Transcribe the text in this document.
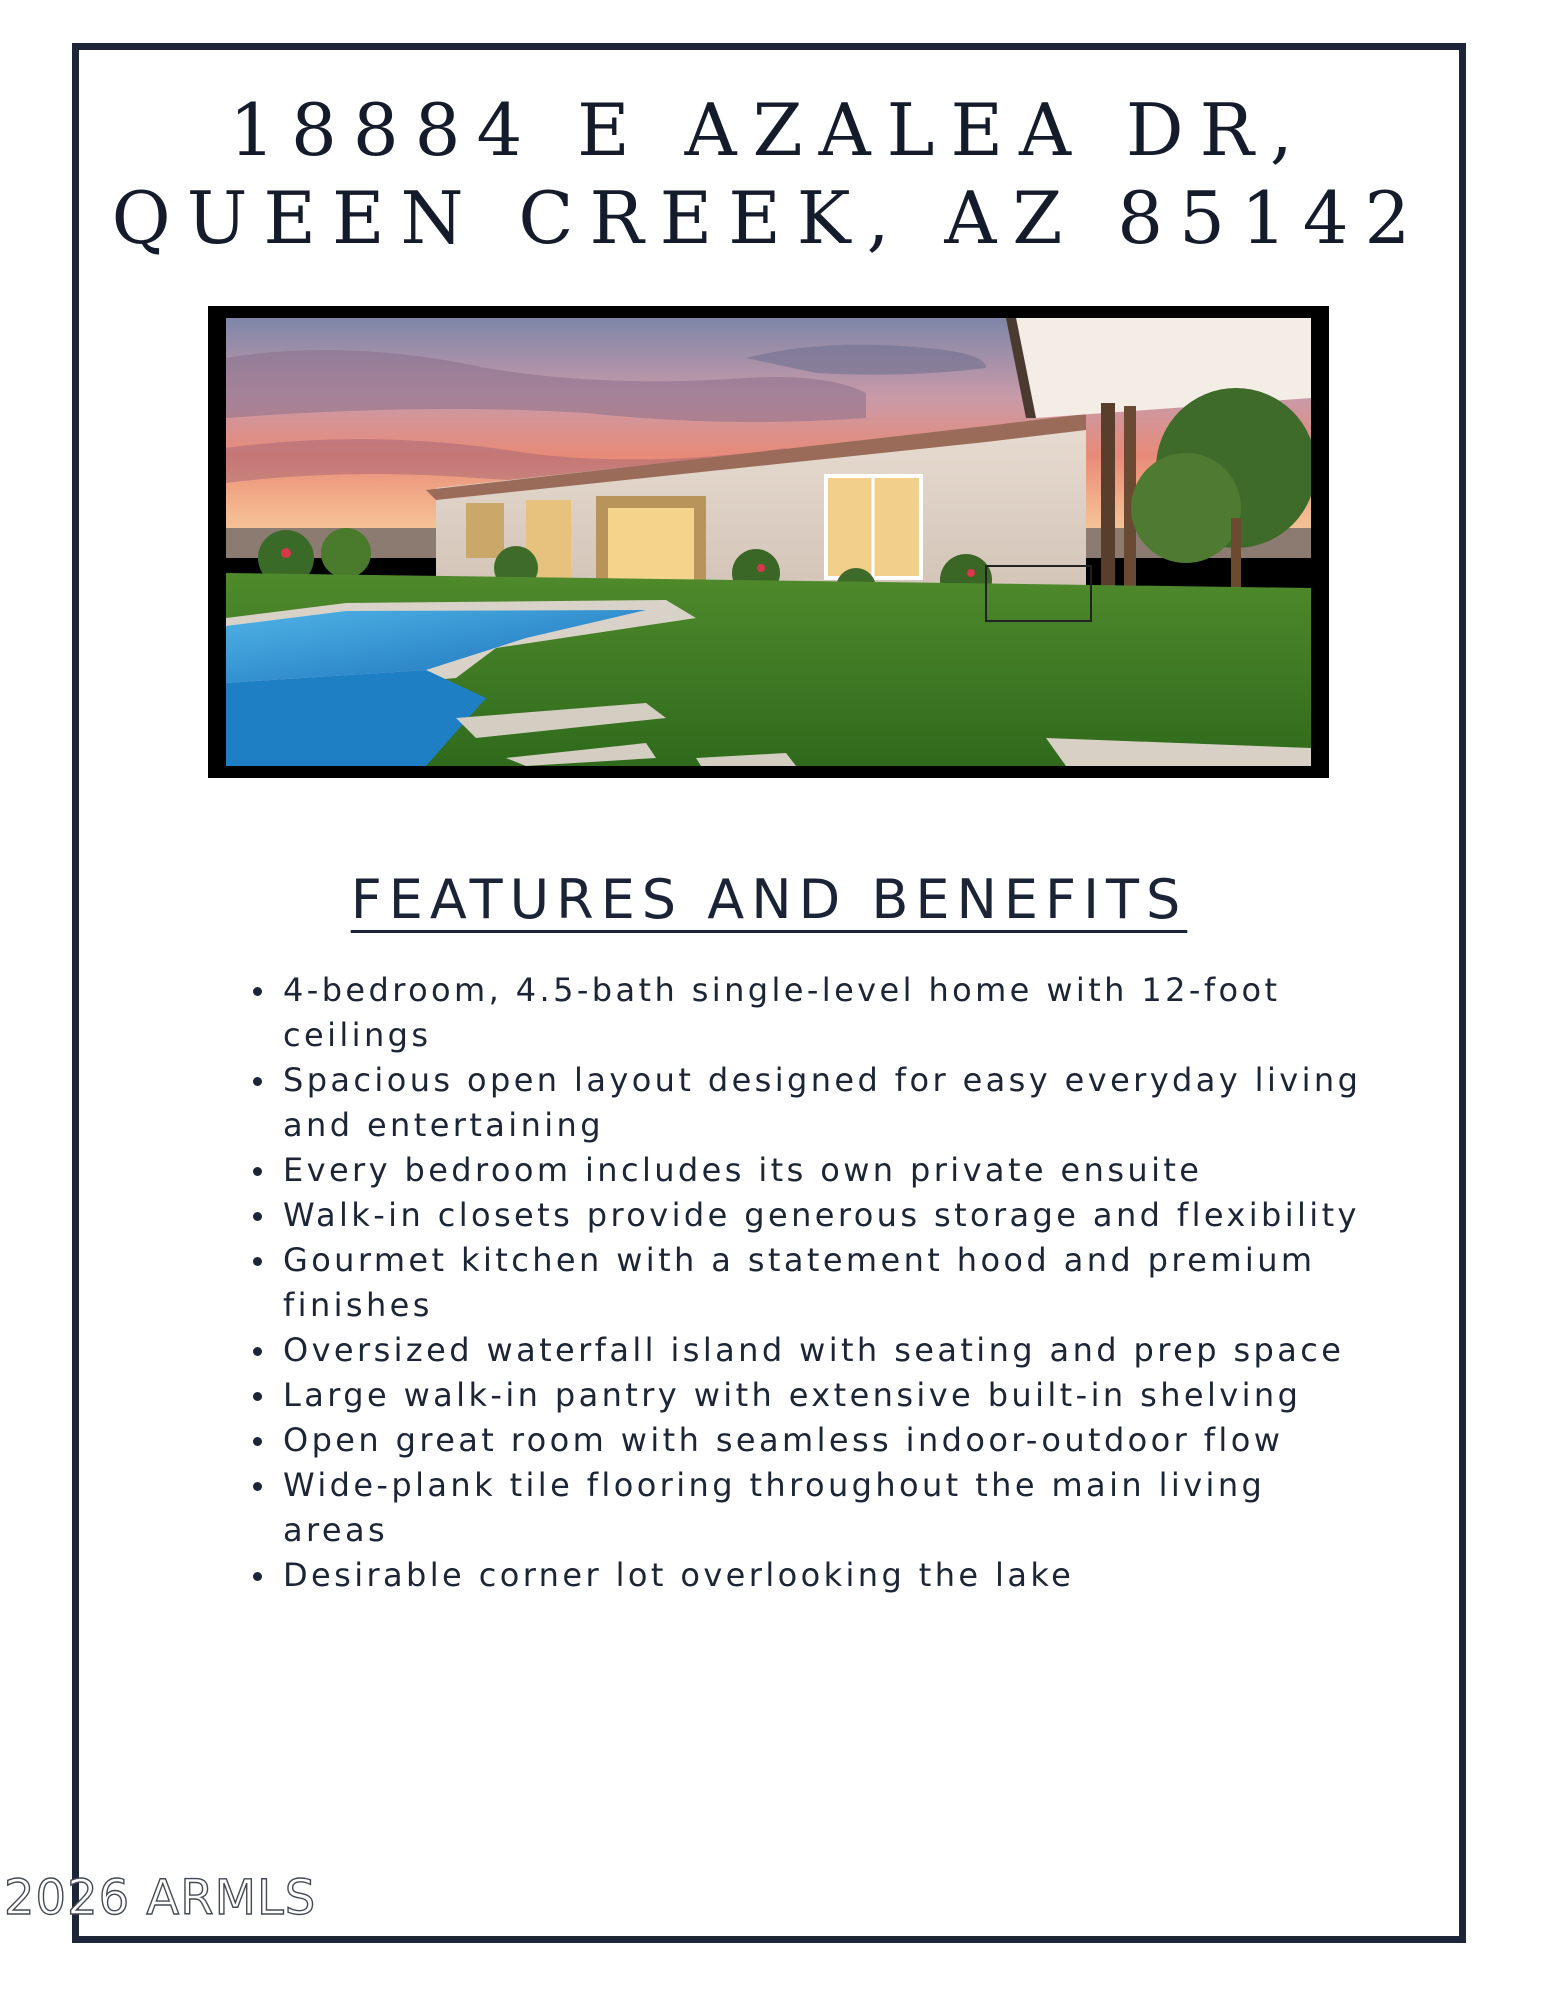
18884 E AZALEA DR,
QUEEN CREEK, AZ 85142
FEATURES AND BENEFITS
4-bedroom, 4.5-bath single-level home with 12-foot ceilings
Spacious open layout designed for easy everyday living and entertaining
Every bedroom includes its own private ensuite
Walk-in closets provide generous storage and flexibility
Gourmet kitchen with a statement hood and premium finishes
Oversized waterfall island with seating and prep space
Large walk-in pantry with extensive built-in shelving
Open great room with seamless indoor-outdoor flow
Wide-plank tile flooring throughout the main living areas
Desirable corner lot overlooking the lake
2026 ARMLS
